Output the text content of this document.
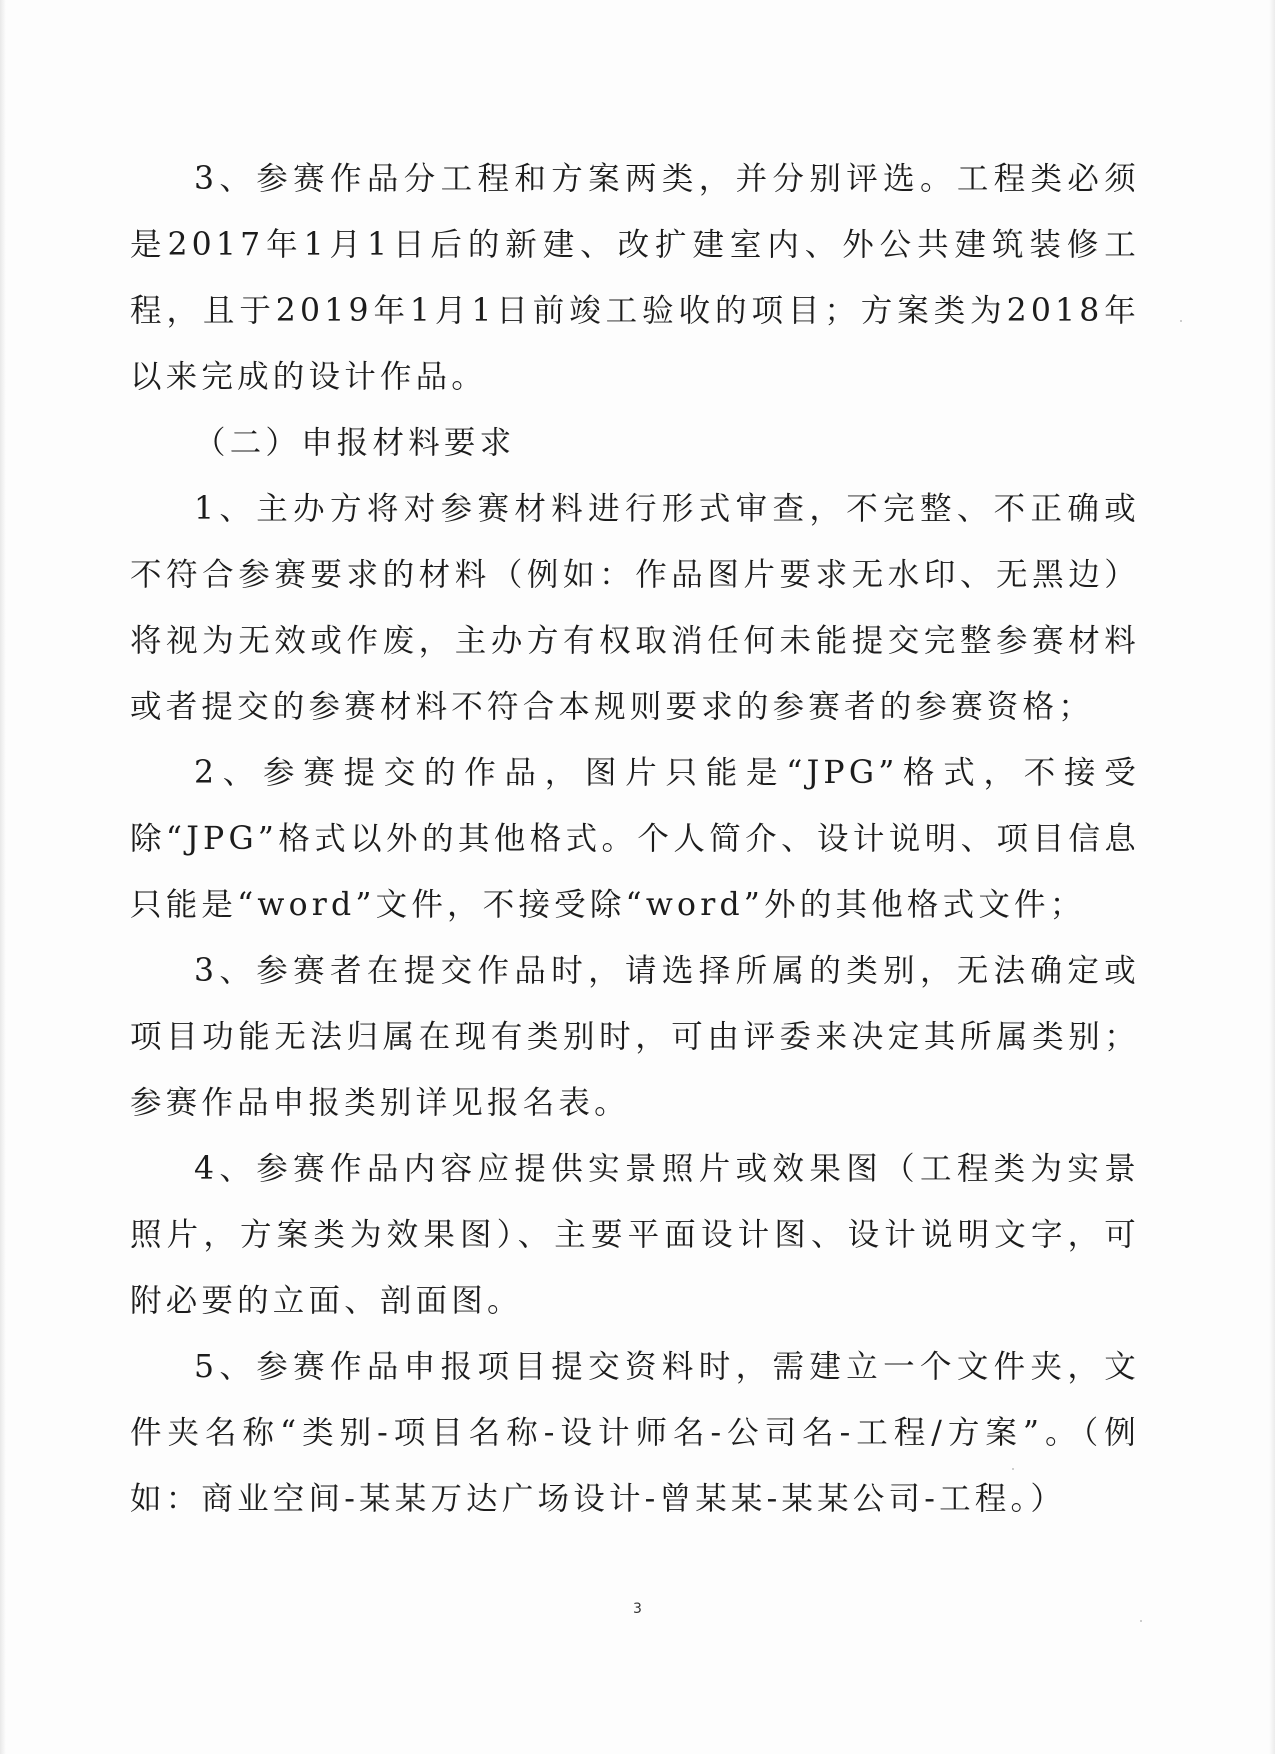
3、参赛作品分工程和方案两类，并分别评选。工程类必须是2017年1月1日后的新建、改扩建室内、外公共建筑装修工程，且于2019年1月1日前竣工验收的项目；方案类为2018年以来完成的设计作品。

（二）申报材料要求

1、主办方将对参赛材料进行形式审查，不完整、不正确或不符合参赛要求的材料（例如：作品图片要求无水印、无黑边）将视为无效或作废，主办方有权取消任何未能提交完整参赛材料或者提交的参赛材料不符合本规则要求的参赛者的参赛资格；

2、参赛提交的作品，图片只能是“JPG”格式，不接受除“JPG”格式以外的其他格式。个人简介、设计说明、项目信息只能是“word”文件，不接受除“word”外的其他格式文件；

3、参赛者在提交作品时，请选择所属的类别，无法确定或项目功能无法归属在现有类别时，可由评委来决定其所属类别；参赛作品申报类别详见报名表。

4、参赛作品内容应提供实景照片或效果图（工程类为实景照片，方案类为效果图）、主要平面设计图、设计说明文字，可附必要的立面、剖面图。

5、参赛作品申报项目提交资料时，需建立一个文件夹，文件夹名称“类别-项目名称-设计师名-公司名-工程/方案”。（例如：商业空间-某某万达广场设计-曾某某-某某公司-工程。）

3
